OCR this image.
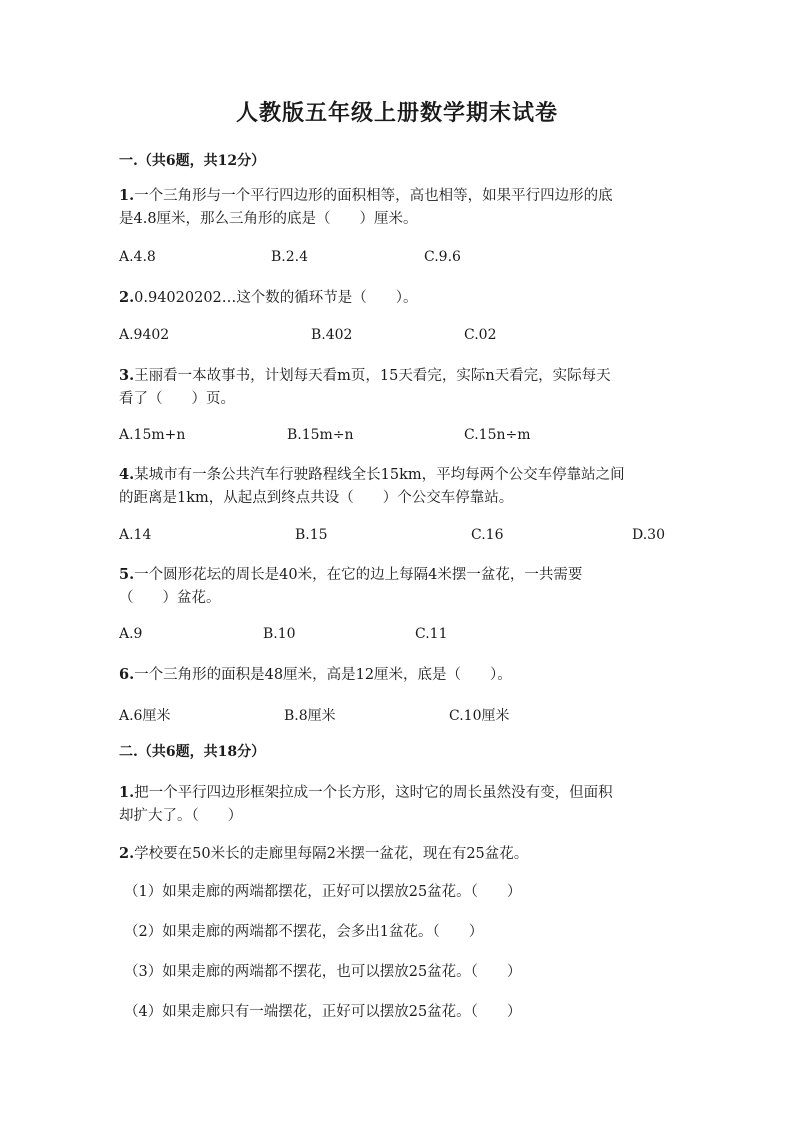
人教版五年级上册数学期末试卷
一.（共6题，共12分）
1.一个三角形与一个平行四边形的面积相等，高也相等，如果平行四边形的底
是4.8厘米，那么三角形的底是（　　）厘米。
A.4.8	B.2.4	C.9.6
2.0.94020202…这个数的循环节是（　　）。
A.9402	B.402	C.02
3.王丽看一本故事书，计划每天看m页，15天看完，实际n天看完，实际每天
看了（　　）页。
A.15m+n	B.15m÷n	C.15n÷m
4.某城市有一条公共汽车行驶路程线全长15km，平均每两个公交车停靠站之间
的距离是1km，从起点到终点共设（　　）个公交车停靠站。
A.14	B.15	C.16	D.30
5.一个圆形花坛的周长是40米，在它的边上每隔4米摆一盆花，一共需要
（　　）盆花。
A.9	B.10	C.11
6.一个三角形的面积是48厘米，高是12厘米，底是（　　）。
A.6厘米	B.8厘米	C.10厘米
二.（共6题，共18分）
1.把一个平行四边形框架拉成一个长方形，这时它的周长虽然没有变，但面积
却扩大了。（　　）
2.学校要在50米长的走廊里每隔2米摆一盆花，现在有25盆花。
（1）如果走廊的两端都摆花，正好可以摆放25盆花。（　　）
（2）如果走廊的两端都不摆花，会多出1盆花。（　　）
（3）如果走廊的两端都不摆花，也可以摆放25盆花。（　　）
（4）如果走廊只有一端摆花，正好可以摆放25盆花。（　　）
